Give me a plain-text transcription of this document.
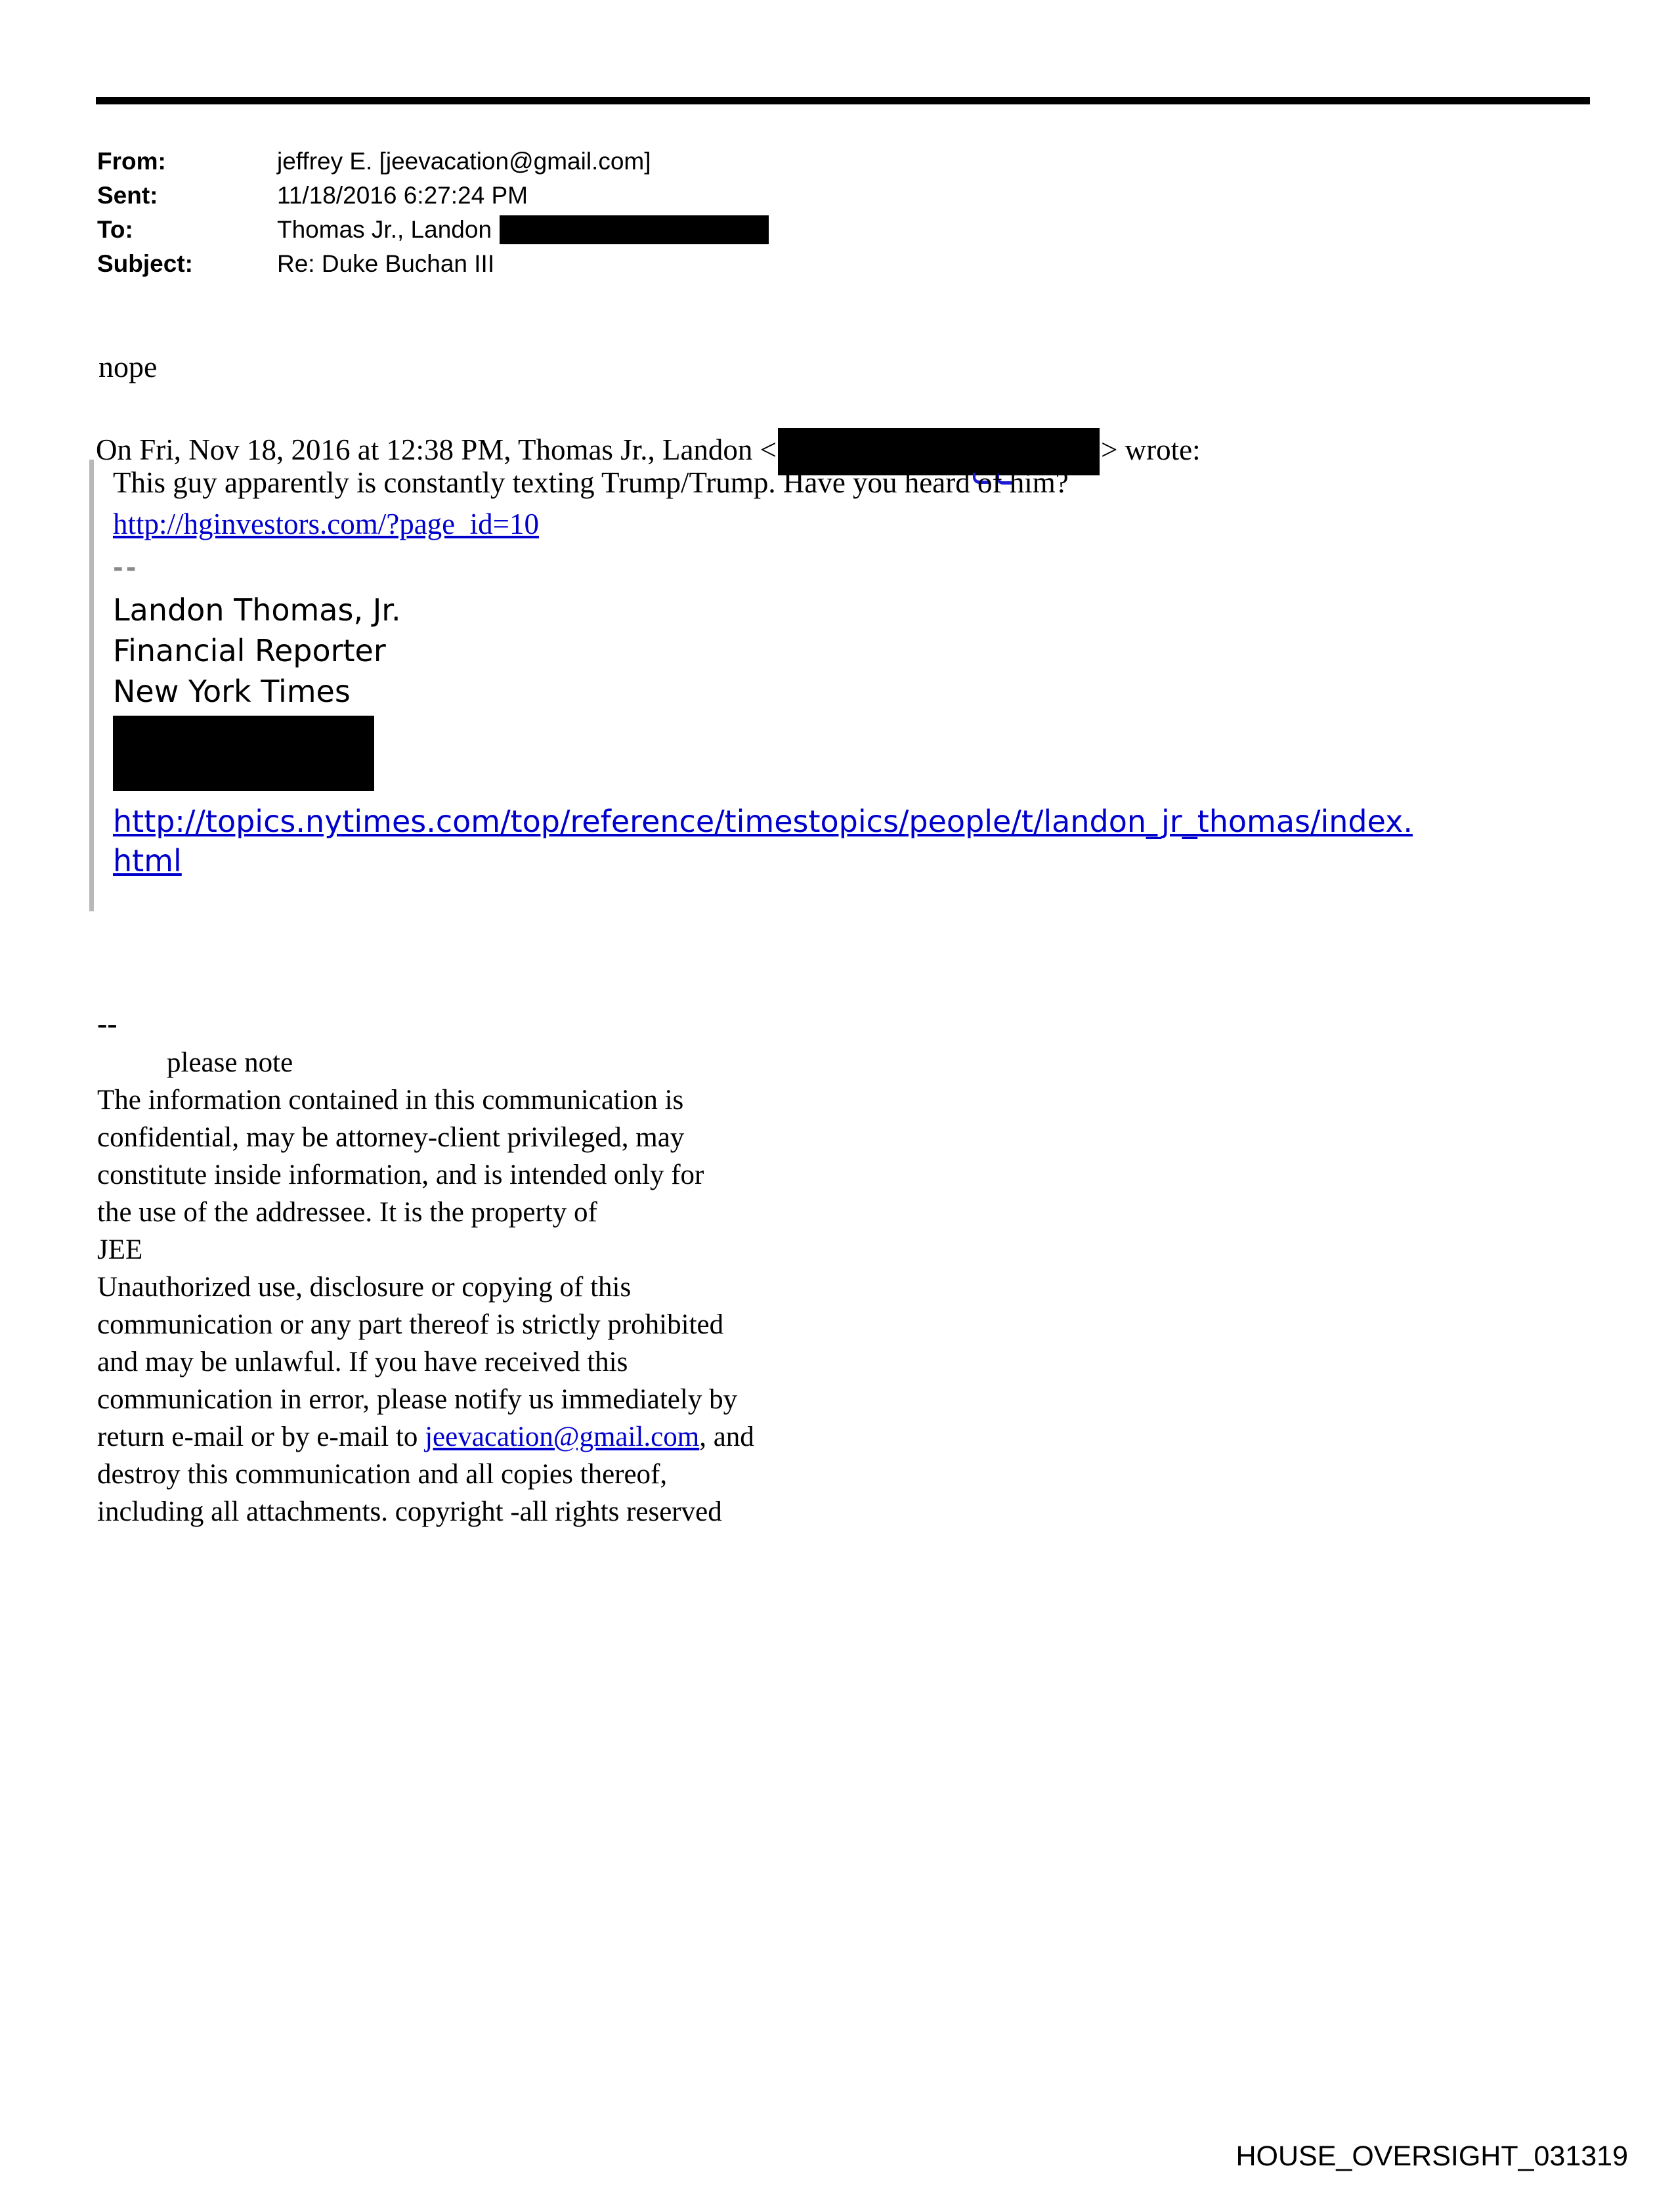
From:	jeffrey E. [jeevacation@gmail.com]
Sent:	11/18/2016 6:27:24 PM
To:	Thomas Jr., Landon
Subject:	Re: Duke Buchan III
nope
On Fri, Nov 18, 2016 at 12:38 PM, Thomas Jr., Landon <	> wrote:
This guy apparently is constantly texting Trump/Trump. Have you heard of him?
http://hginvestors.com/?page_id=10
--
Landon Thomas, Jr.
Financial Reporter
New York Times
http://topics.nytimes.com/top/reference/timestopics/people/t/landon_jr_thomas/index.
html
--
please note
The information contained in this communication is
confidential, may be attorney-client privileged, may
constitute inside information, and is intended only for
the use of the addressee. It is the property of
JEE
Unauthorized use, disclosure or copying of this
communication or any part thereof is strictly prohibited
and may be unlawful. If you have received this
communication in error, please notify us immediately by
return e-mail or by e-mail to jeevacation@gmail.com, and
destroy this communication and all copies thereof,
including all attachments. copyright -all rights reserved
HOUSE_OVERSIGHT_031319
